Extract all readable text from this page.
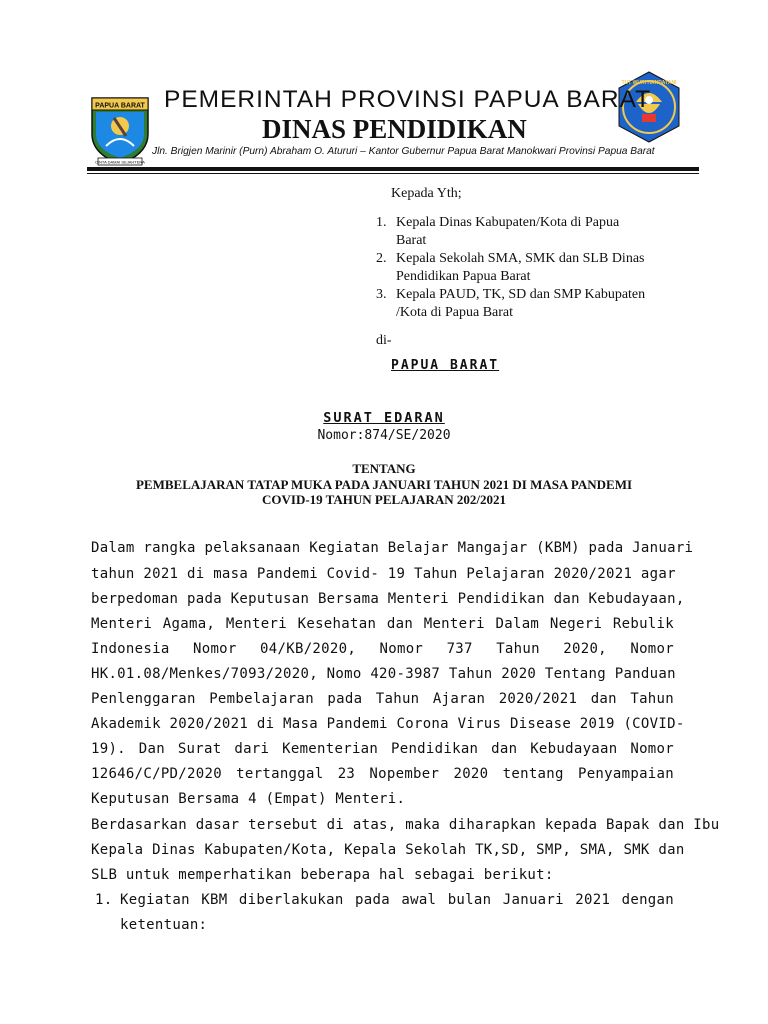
PAPUA BARAT
CINTA DAMAI SEJAHTERA
TUT WURI HANDAYANI
PEMERINTAH PROVINSI PAPUA BARAT
DINAS PENDIDIKAN
Jln. Brigjen Marinir (Purn) Abraham O. Atururi – Kantor Gubernur Papua Barat Manokwari Provinsi Papua Barat
Kepada Yth;
1. Kepala Dinas Kabupaten/Kota di Papua
Barat
2. Kepala Sekolah SMA, SMK dan SLB Dinas
Pendidikan Papua Barat
3. Kepala PAUD, TK, SD dan SMP Kabupaten
/Kota di Papua Barat
di-
PAPUA BARAT
SURAT EDARAN
Nomor:874/SE/2020
TENTANG
PEMBELAJARAN TATAP MUKA PADA JANUARI TAHUN 2021 DI MASA PANDEMI
COVID-19 TAHUN PELAJARAN 202/2021
Dalam rangka pelaksanaan Kegiatan Belajar Mangajar (KBM) pada Januari
tahun 2021 di masa Pandemi Covid- 19 Tahun Pelajaran 2020/2021 agar
berpedoman pada Keputusan Bersama Menteri Pendidikan dan Kebudayaan,
Menteri Agama, Menteri Kesehatan dan Menteri Dalam Negeri Rebulik
Indonesia Nomor 04/KB/2020, Nomor 737 Tahun 2020, Nomor
HK.01.08/Menkes/7093/2020, Nomo 420-3987 Tahun 2020 Tentang Panduan
Penlenggaran Pembelajaran pada Tahun Ajaran 2020/2021 dan Tahun
Akademik 2020/2021 di Masa Pandemi Corona Virus Disease 2019 (COVID-
19). Dan Surat dari Kementerian Pendidikan dan Kebudayaan Nomor
12646/C/PD/2020 tertanggal 23 Nopember 2020 tentang Penyampaian
Keputusan Bersama 4 (Empat) Menteri.
Berdasarkan dasar tersebut di atas, maka diharapkan kepada Bapak dan Ibu
Kepala Dinas Kabupaten/Kota, Kepala Sekolah TK,SD, SMP, SMA, SMK dan
SLB untuk memperhatikan beberapa hal sebagai berikut:
1. Kegiatan KBM diberlakukan pada awal bulan Januari 2021 dengan
ketentuan:
